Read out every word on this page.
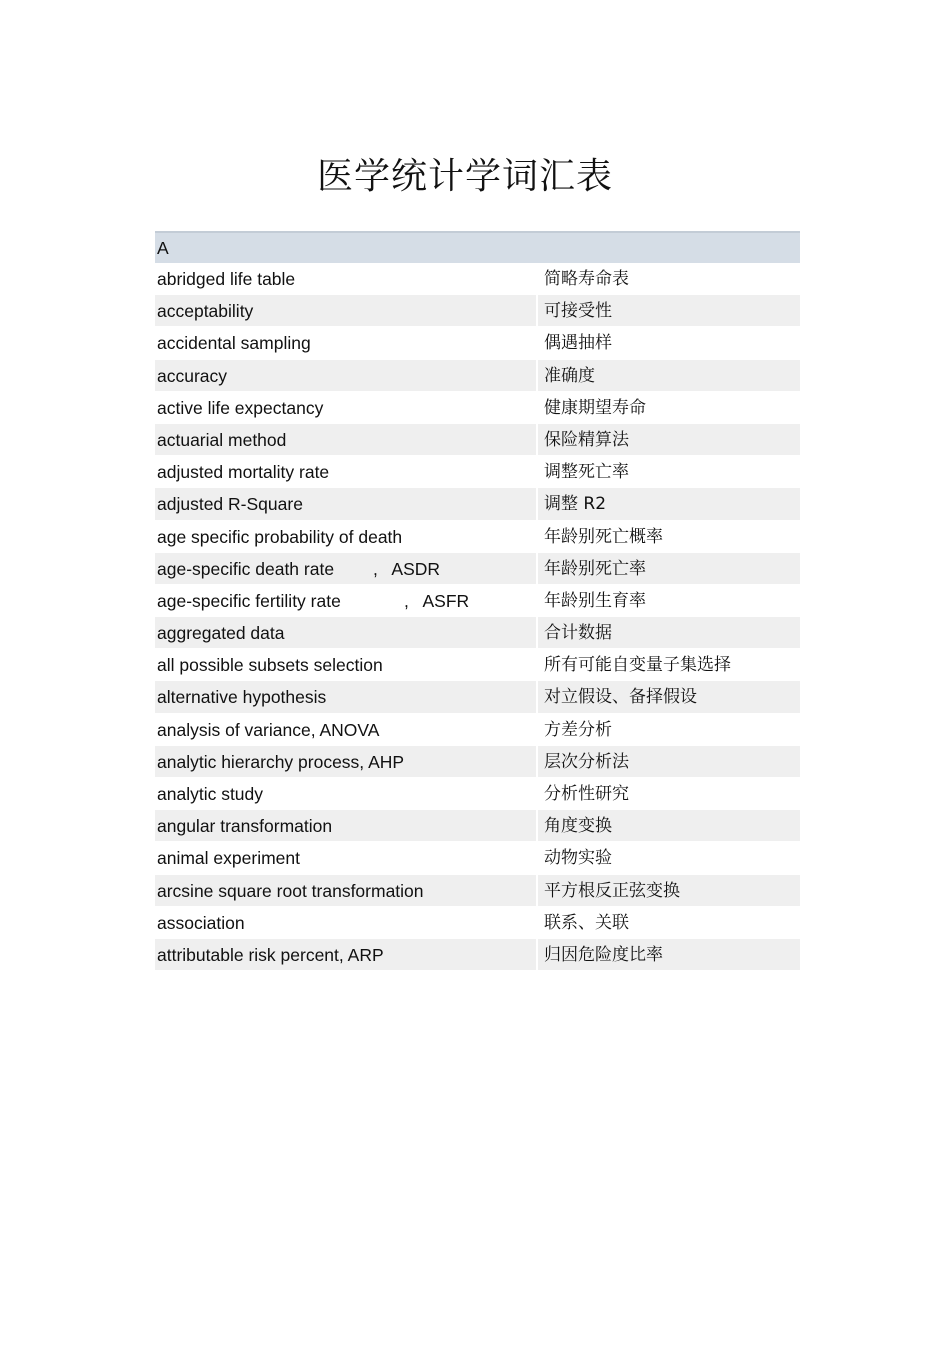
医学统计学词汇表
A
abridged life table	简略寿命表
acceptability	可接受性
accidental sampling	偶遇抽样
accuracy	准确度
active life expectancy	健康期望寿命
actuarial method	保险精算法
adjusted mortality rate	调整死亡率
adjusted R-Square	调整 R2
age specific probability of death	年龄别死亡概率
age-specific death rate        ,   ASDR	年龄别死亡率
age-specific fertility rate             ,   ASFR	年龄别生育率
aggregated data	合计数据
all possible subsets selection	所有可能自变量子集选择
alternative hypothesis	对立假设、备择假设
analysis of variance, ANOVA	方差分析
analytic hierarchy process, AHP	层次分析法
analytic study	分析性研究
angular transformation	角度变换
animal experiment	动物实验
arcsine square root transformation	平方根反正弦变换
association	联系、关联
attributable risk percent, ARP	归因危险度比率
